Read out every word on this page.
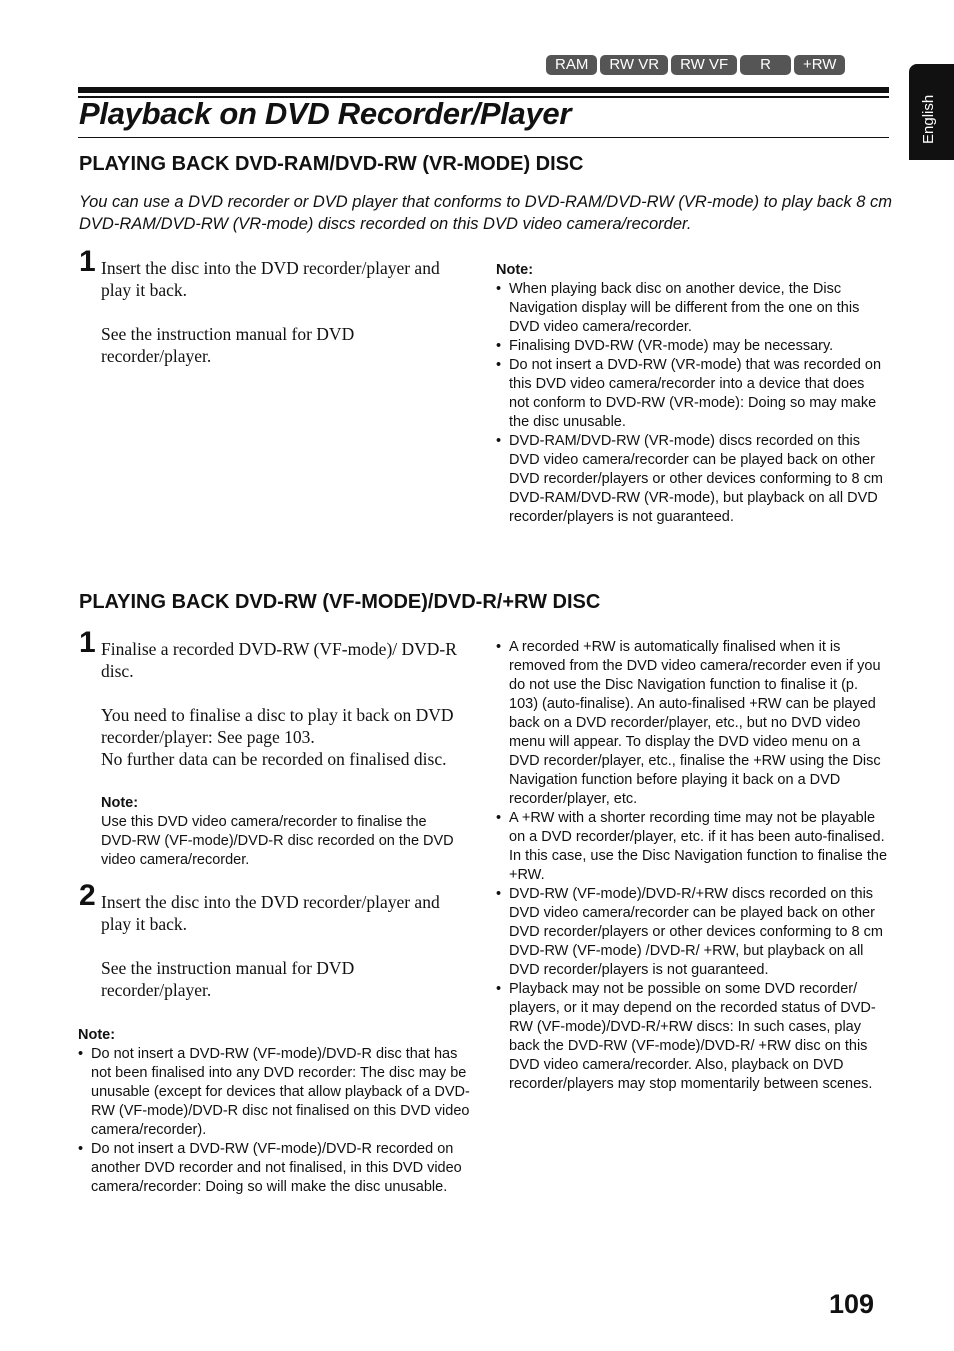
RAM	RW VR	RW VF	R	+RW
English
Playback on DVD Recorder/Player
PLAYING BACK DVD-RAM/DVD-RW (VR-MODE) DISC

You can use a DVD recorder or DVD player that conforms to DVD-RAM/DVD-RW (VR-mode) to play back 8 cm DVD-RAM/DVD-RW (VR-mode) discs recorded on this DVD video camera/recorder.

1 Insert the disc into the DVD recorder/player and play it back.

See the instruction manual for DVD recorder/player.

Note:

• When playing back disc on another device, the Disc Navigation display will be different from the one on this DVD video camera/recorder.
• Finalising DVD-RW (VR-mode) may be necessary.
• Do not insert a DVD-RW (VR-mode) that was recorded on this DVD video camera/recorder into a device that does not conform to DVD-RW (VR-mode): Doing so may make the disc unusable.
• DVD-RAM/DVD-RW (VR-mode) discs recorded on this DVD video camera/recorder can be played back on other DVD recorder/players or other devices conforming to 8 cm DVD-RAM/DVD-RW (VR-mode), but playback on all DVD recorder/players is not guaranteed.
PLAYING BACK DVD-RW (VF-MODE)/DVD-R/+RW DISC
1 Finalise a recorded DVD-RW (VF-mode)/ DVD-R disc.

You need to finalise a disc to play it back on DVD recorder/player: See page 103.

No further data can be recorded on finalised disc.

Note:

Use this DVD video camera/recorder to finalise the DVD-RW (VF-mode)/DVD-R disc recorded on the DVD video camera/recorder.

2 Insert the disc into the DVD recorder/player and play it back.

See the instruction manual for DVD recorder/player.

Note:

• Do not insert a DVD-RW (VF-mode)/DVD-R disc that has not been finalised into any DVD recorder: The disc may be unusable (except for devices that allow playback of a DVD-RW (VF-mode)/DVD-R disc not finalised on this DVD video camera/recorder).
• Do not insert a DVD-RW (VF-mode)/DVD-R recorded on another DVD recorder and not finalised, in this DVD video camera/recorder: Doing so will make the disc unusable.
• A recorded +RW is automatically finalised when it is removed from the DVD video camera/recorder even if you do not use the Disc Navigation function to finalise it (p. 103) (auto-finalise). An auto-finalised +RW can be played back on a DVD recorder/player, etc., but no DVD video menu will appear. To display the DVD video menu on a DVD recorder/player, etc., finalise the +RW using the Disc Navigation function before playing it back on a DVD recorder/player, etc.
• A +RW with a shorter recording time may not be playable on a DVD recorder/player, etc. if it has been auto-finalised. In this case, use the Disc Navigation function to finalise the +RW.
• DVD-RW (VF-mode)/DVD-R/+RW discs recorded on this DVD video camera/recorder can be played back on other DVD recorder/players or other devices conforming to 8 cm DVD-RW (VF-mode) /DVD-R/ +RW, but playback on all DVD recorder/players is not guaranteed.
• Playback may not be possible on some DVD recorder/ players, or it may depend on the recorded status of DVD-RW (VF-mode)/DVD-R/+RW discs: In such cases, play back the DVD-RW (VF-mode)/DVD-R/ +RW disc on this DVD video camera/recorder. Also, playback on DVD recorder/players may stop momentarily between scenes.
109
